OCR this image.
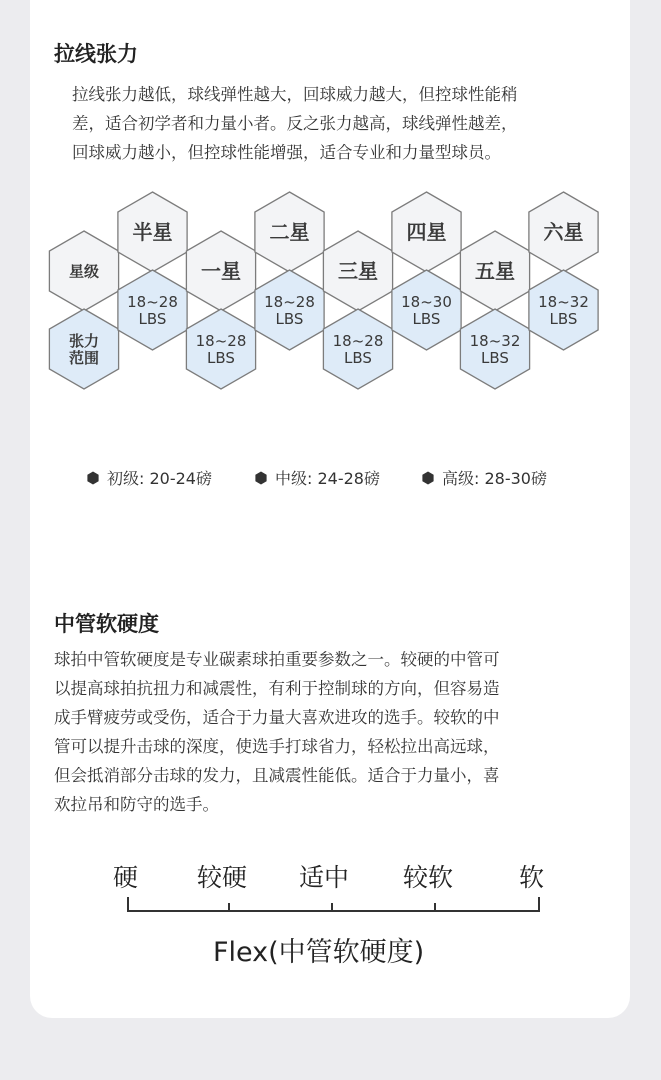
拉线张力

拉线张力越低，球线弹性越大，回球威力越大，但控球性能稍
差，适合初学者和力量小者。反之张力越高，球线弹性越差，
回球威力越小，但控球性能增强，适合专业和力量型球员。

星级
张力范围
半星
18~28 LBS
一星
18~28 LBS
二星
18~28 LBS
三星
18~28 LBS
四星
18~30 LBS
五星
18~32 LBS
六星
18~32 LBS
初级: 20-24磅	中级: 24-28磅	高级: 28-30磅
中管软硬度

球拍中管软硬度是专业碳素球拍重要参数之一。较硬的中管可
以提高球拍抗扭力和减震性，有利于控制球的方向，但容易造
成手臂疲劳或受伤，适合于力量大喜欢进攻的选手。较软的中
管可以提升击球的深度，使选手打球省力，轻松拉出高远球，
但会抵消部分击球的发力，且减震性能低。适合于力量小，喜
欢拉吊和防守的选手。

硬 较硬 适中 较软	软
Flex(中管软硬度)
